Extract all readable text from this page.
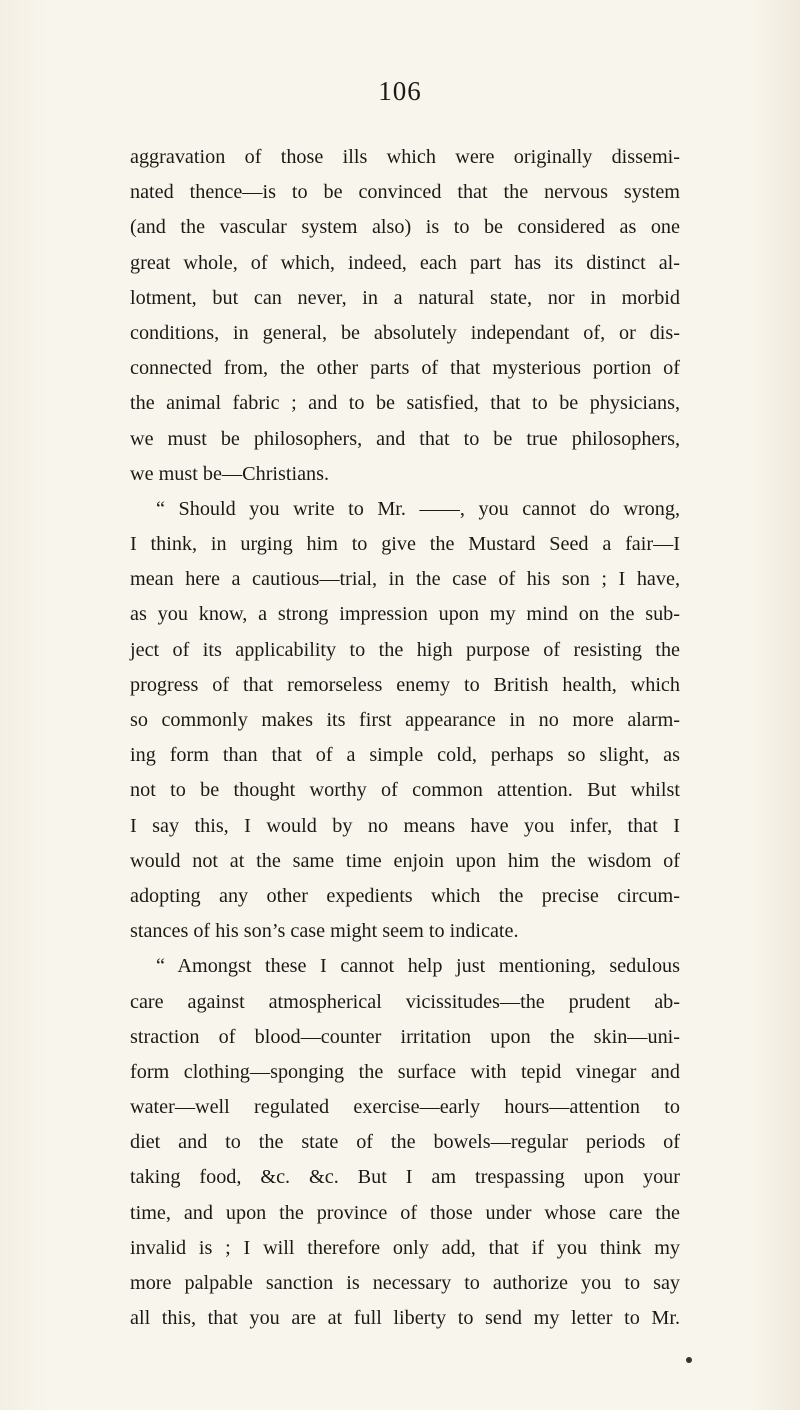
106
aggravation of those ills which were originally dissemi-
nated thence—is to be convinced that the nervous system
(and the vascular system also) is to be considered as one
great whole, of which, indeed, each part has its distinct al-
lotment, but can never, in a natural state, nor in morbid
conditions, in general, be absolutely independant of, or dis-
connected from, the other parts of that mysterious portion of
the animal fabric ; and to be satisfied, that to be physicians,
we must be philosophers, and that to be true philosophers,
we must be—Christians.
“ Should you write to Mr. ——, you cannot do wrong,
I think, in urging him to give the Mustard Seed a fair—I
mean here a cautious—trial, in the case of his son ; I have,
as you know, a strong impression upon my mind on the sub-
ject of its applicability to the high purpose of resisting the
progress of that remorseless enemy to British health, which
so commonly makes its first appearance in no more alarm-
ing form than that of a simple cold, perhaps so slight, as
not to be thought worthy of common attention. But whilst
I say this, I would by no means have you infer, that I
would not at the same time enjoin upon him the wisdom of
adopting any other expedients which the precise circum-
stances of his son’s case might seem to indicate.
“ Amongst these I cannot help just mentioning, sedulous
care against atmospherical vicissitudes—the prudent ab-
straction of blood—counter irritation upon the skin—uni-
form clothing—sponging the surface with tepid vinegar and
water—well regulated exercise—early hours—attention to
diet and to the state of the bowels—regular periods of
taking food, &c. &c. But I am trespassing upon your
time, and upon the province of those under whose care the
invalid is ; I will therefore only add, that if you think my
more palpable sanction is necessary to authorize you to say
all this, that you are at full liberty to send my letter to Mr.
